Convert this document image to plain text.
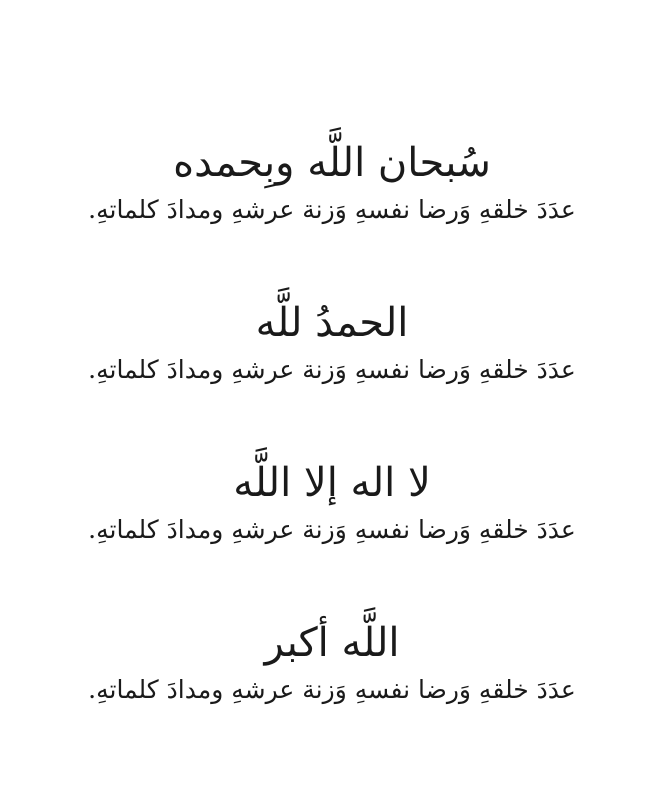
سُبحان اللَّه وبِحمده
عدَدَ خلقهِ وَرضا نفسهِ وَزنة عرشهِ ومدادَ كلماتهِ.
الحمدُ للَّه
عدَدَ خلقهِ وَرضا نفسهِ وَزنة عرشهِ ومدادَ كلماتهِ.
لا اله إلا اللَّه
عدَدَ خلقهِ وَرضا نفسهِ وَزنة عرشهِ ومدادَ كلماتهِ.
اللَّه أكبر
عدَدَ خلقهِ وَرضا نفسهِ وَزنة عرشهِ ومدادَ كلماتهِ.
